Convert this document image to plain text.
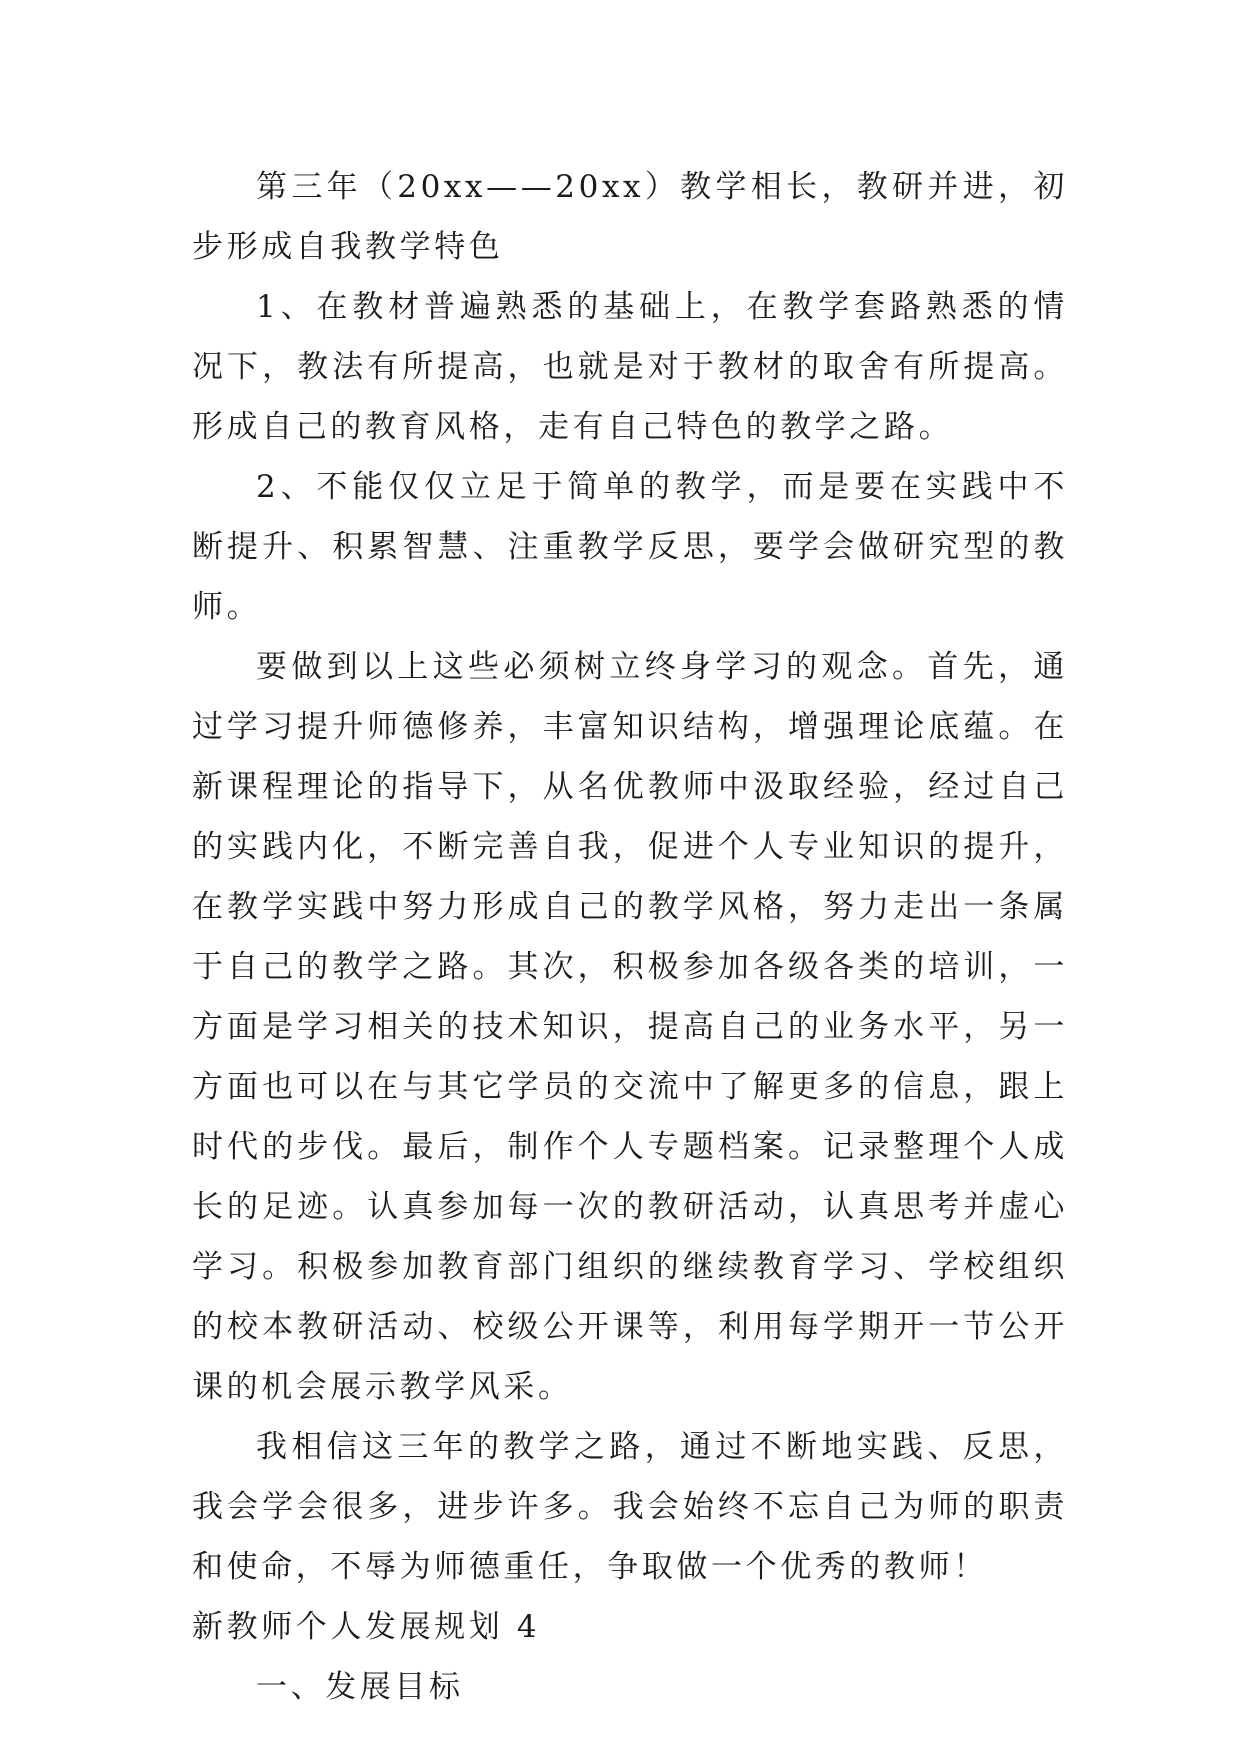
第三年（20xx——20xx）教学相长，教研并进，初步形成自我教学特色

1、在教材普遍熟悉的基础上，在教学套路熟悉的情况下，教法有所提高，也就是对于教材的取舍有所提高。形成自己的教育风格，走有自己特色的教学之路。

2、不能仅仅立足于简单的教学，而是要在实践中不断提升、积累智慧、注重教学反思，要学会做研究型的教师。

要做到以上这些必须树立终身学习的观念。首先，通过学习提升师德修养，丰富知识结构，增强理论底蕴。在新课程理论的指导下，从名优教师中汲取经验，经过自己的实践内化，不断完善自我，促进个人专业知识的提升，在教学实践中努力形成自己的教学风格，努力走出一条属于自己的教学之路。其次，积极参加各级各类的培训，一方面是学习相关的技术知识，提高自己的业务水平，另一方面也可以在与其它学员的交流中了解更多的信息，跟上时代的步伐。最后，制作个人专题档案。记录整理个人成长的足迹。认真参加每一次的教研活动，认真思考并虚心学习。积极参加教育部门组织的继续教育学习、学校组织的校本教研活动、校级公开课等，利用每学期开一节公开课的机会展示教学风采。

我相信这三年的教学之路，通过不断地实践、反思，我会学会很多，进步许多。我会始终不忘自己为师的职责和使命，不辱为师德重任，争取做一个优秀的教师！

新教师个人发展规划 4

一、发展目标
